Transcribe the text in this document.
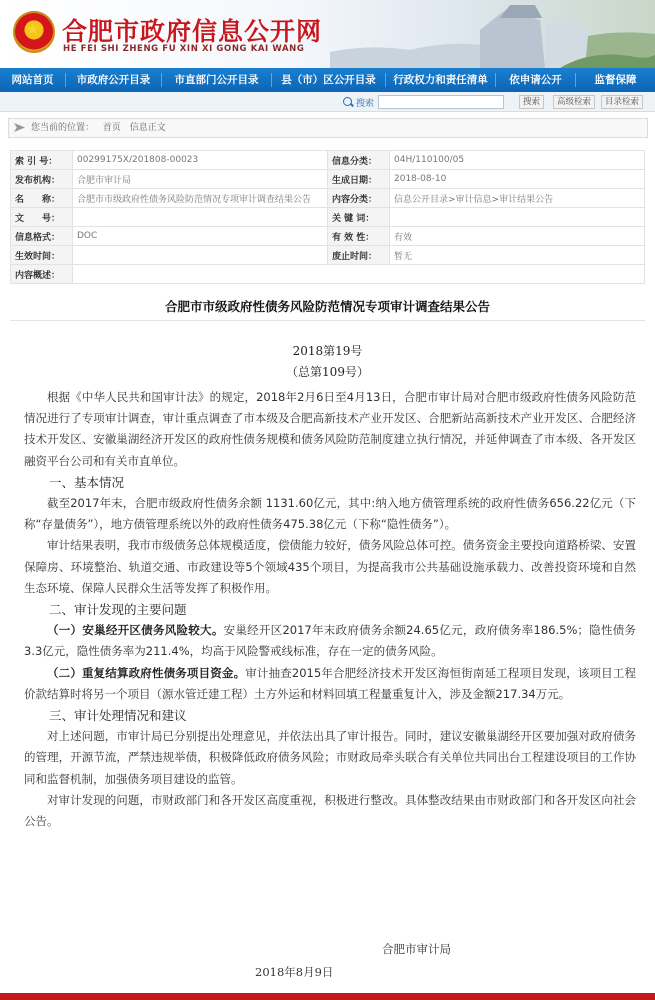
★
合肥市政府信息公开网
HE FEI SHI ZHENG FU XIN XI GONG KAI WANG
网站首页	市政府公开目录	市直部门公开目录	县（市）区公开目录	行政权力和责任清单	依申请公开	监督保障
搜索	搜索	高级检索	目录检索
您当前的位置： 首页 信息正文
索 引 号：	00299175X/201808-00023	信息分类：	04H/110100/05
发布机构：	合肥市审计局	生成日期：	2018-08-10
名　　称：	合肥市市级政府性债务风险防范情况专项审计调查结果公告	内容分类：	信息公开目录>审计信息>审计结果公告
文　　号：		关 键 词：	
信息格式：	DOC	有 效 性：	有效
生效时间：		废止时间：	暂无
内容概述：			
合肥市市级政府性债务风险防范情况专项审计调查结果公告
2018第19号
（总第109号）

根据《中华人民共和国审计法》的规定，2018年2月6日至4月13日，合肥市审计局对合肥市级政府性债务风险防范情况进行了专项审计调查，审计重点调查了市本级及合肥高新技术产业开发区、合肥新站高新技术产业开发区、合肥经济技术开发区、安徽巢湖经济开发区的政府性债务规模和债务风险防范制度建立执行情况，并延伸调查了市本级、各开发区融资平台公司和有关市直单位。

一、基本情况

截至2017年末，合肥市级政府性债务余额 1131.60亿元，其中:纳入地方债管理系统的政府性债务656.22亿元（下称“存量债务”），地方债管理系统以外的政府性债务475.38亿元（下称“隐性债务”）。

审计结果表明，我市市级债务总体规模适度，偿债能力较好，债务风险总体可控。债务资金主要投向道路桥梁、安置保障房、环境整治、轨道交通、市政建设等5个领域435个项目，为提高我市公共基础设施承载力、改善投资环境和自然生态环境、保障人民群众生活等发挥了积极作用。

二、审计发现的主要问题

（一）安巢经开区债务风险较大。安巢经开区2017年末政府债务余额24.65亿元，政府债务率186.5%；隐性债务3.3亿元，隐性债务率为211.4%，均高于风险警戒线标准，存在一定的债务风险。

（二）重复结算政府性债务项目资金。审计抽查2015年合肥经济技术开发区海恒街南延工程项目发现，该项目工程价款结算时将另一个项目（源水管迁建工程）土方外运和材料回填工程量重复计入，涉及金额217.34万元。

三、审计处理情况和建议

对上述问题，市审计局已分别提出处理意见，并依法出具了审计报告。同时，建议安徽巢湖经开区要加强对政府债务的管理，开源节流，严禁违规举债，积极降低政府债务风险；市财政局牵头联合有关单位共同出台工程建设项目的工作协同和监督机制，加强债务项目建设的监管。

对审计发现的问题，市财政部门和各开发区高度重视，积极进行整改。具体整改结果由市财政部门和各开发区向社会公告。

合肥市审计局
2018年8月9日
